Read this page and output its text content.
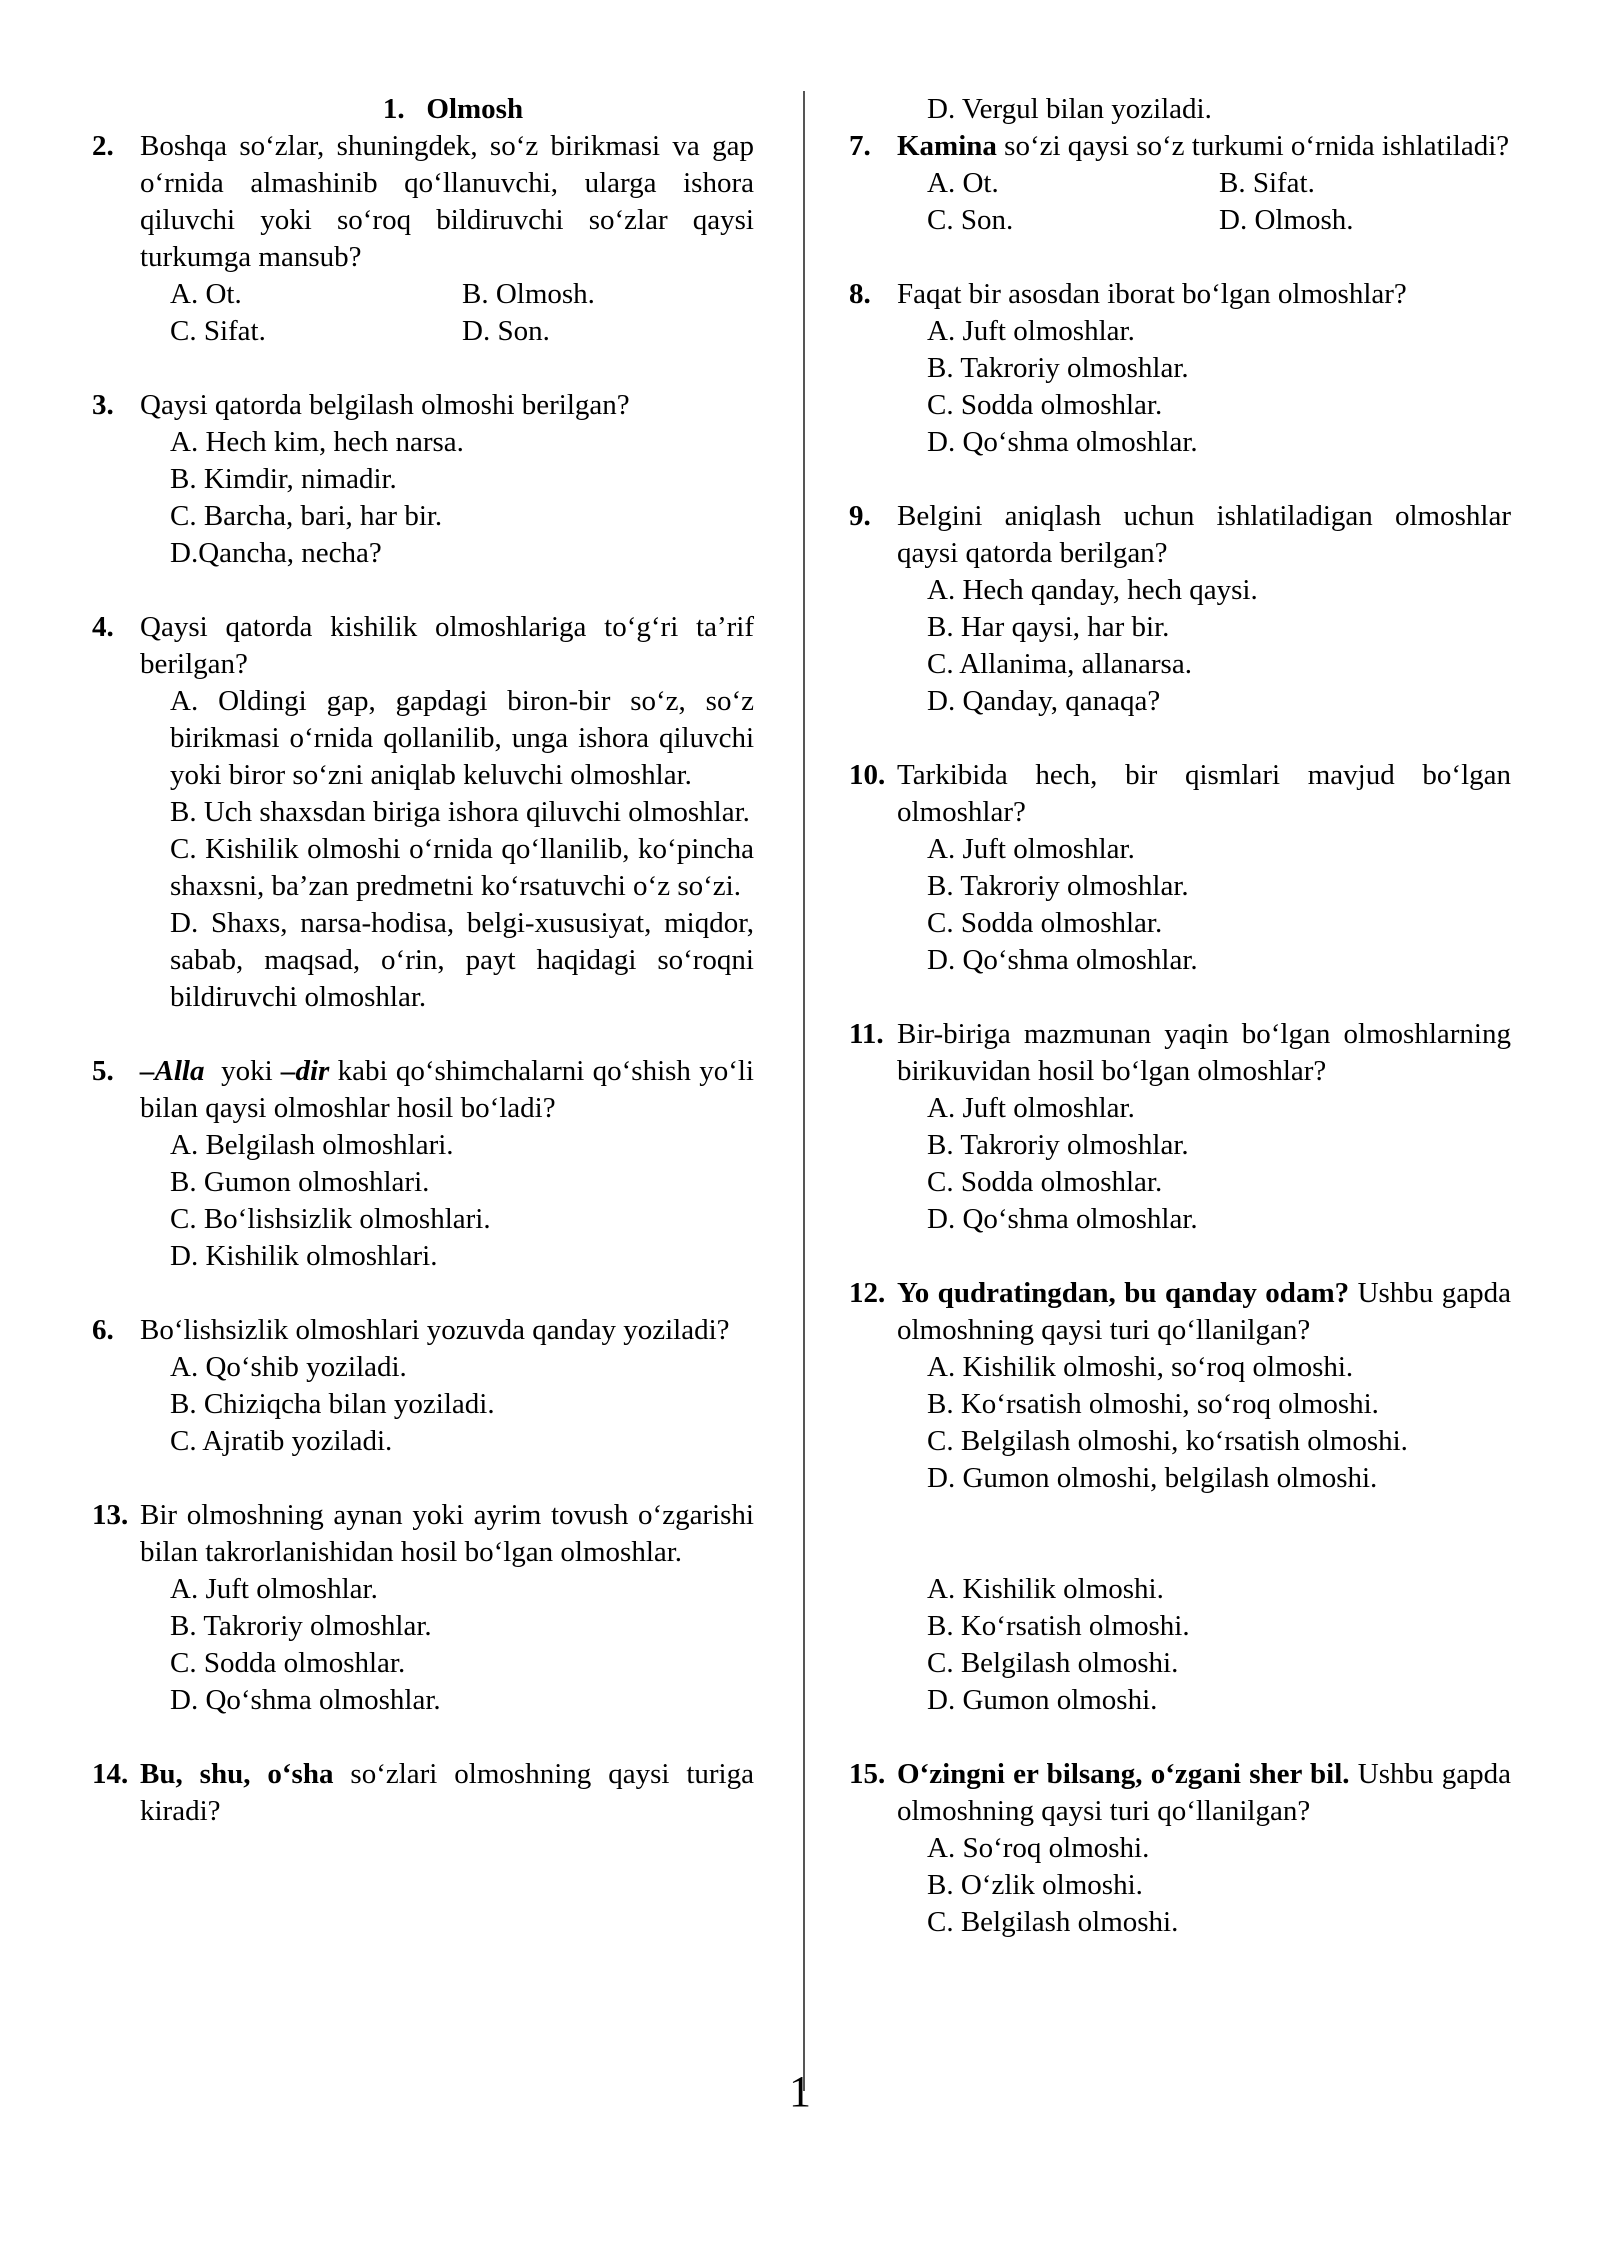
1. Olmosh
2. Boshqa so‘zlar, shuningdek, so‘z birikmasi va gap o‘rnida almashinib qo‘llanuvchi, ularga ishora qiluvchi yoki so‘roq bildiruvchi so‘zlar qaysi turkumga mansub?
A. Ot.	B. Olmosh.
C. Sifat.	D. Son.
3. Qaysi qatorda belgilash olmoshi berilgan?
A. Hech kim, hech narsa.
B. Kimdir, nimadir.
C. Barcha, bari, har bir.
D.Qancha, necha?
4. Qaysi qatorda kishilik olmoshlariga to‘g‘ri ta’rif berilgan?
A. Oldingi gap, gapdagi biron-bir so‘z, so‘z birikmasi o‘rnida qollanilib, unga ishora qiluvchi yoki biror so‘zni aniqlab keluvchi olmoshlar.
B. Uch shaxsdan biriga ishora qiluvchi olmoshlar.
C. Kishilik olmoshi o‘rnida qo‘llanilib, ko‘pincha shaxsni, ba’zan predmetni ko‘rsatuvchi o‘z so‘zi.
D. Shaxs, narsa-hodisa, belgi-xususiyat, miqdor, sabab, maqsad, o‘rin, payt haqidagi so‘roqni bildiruvchi olmoshlar.
5. –Alla yoki –dir kabi qo‘shimchalarni qo‘shish yo‘li bilan qaysi olmoshlar hosil bo‘ladi?
A. Belgilash olmoshlari.
B. Gumon olmoshlari.
C. Bo‘lishsizlik olmoshlari.
D. Kishilik olmoshlari.
6. Bo‘lishsizlik olmoshlari yozuvda qanday yoziladi?
A. Qo‘shib yoziladi.
B. Chiziqcha bilan yoziladi.
C. Ajratib yoziladi.
13. Bir olmoshning aynan yoki ayrim tovush o‘zgarishi bilan takrorlanishidan hosil bo‘lgan olmoshlar.
A. Juft olmoshlar.
B. Takroriy olmoshlar.
C. Sodda olmoshlar.
D. Qo‘shma olmoshlar.
14. Bu, shu, o‘sha so‘zlari olmoshning qaysi turiga kiradi?
D. Vergul bilan yoziladi.
7. Kamina so‘zi qaysi so‘z turkumi o‘rnida ishlatiladi?
A. Ot.	B. Sifat.
C. Son.	D. Olmosh.
8. Faqat bir asosdan iborat bo‘lgan olmoshlar?
A. Juft olmoshlar.
B. Takroriy olmoshlar.
C. Sodda olmoshlar.
D. Qo‘shma olmoshlar.
9. Belgini aniqlash uchun ishlatiladigan olmoshlar qaysi qatorda berilgan?
A. Hech qanday, hech qaysi.
B. Har qaysi, har bir.
C. Allanima, allanarsa.
D. Qanday, qanaqa?
10. Tarkibida hech, bir qismlari mavjud bo‘lgan olmoshlar?
A. Juft olmoshlar.
B. Takroriy olmoshlar.
C. Sodda olmoshlar.
D. Qo‘shma olmoshlar.
11. Bir-biriga mazmunan yaqin bo‘lgan olmoshlarning birikuvidan hosil bo‘lgan olmoshlar?
A. Juft olmoshlar.
B. Takroriy olmoshlar.
C. Sodda olmoshlar.
D. Qo‘shma olmoshlar.
12. Yo qudratingdan, bu qanday odam? Ushbu gapda olmoshning qaysi turi qo‘llanilgan?
A. Kishilik olmoshi, so‘roq olmoshi.
B. Ko‘rsatish olmoshi, so‘roq olmoshi.
C. Belgilash olmoshi, ko‘rsatish olmoshi.
D. Gumon olmoshi, belgilash olmoshi.
A. Kishilik olmoshi.
B. Ko‘rsatish olmoshi.
C. Belgilash olmoshi.
D. Gumon olmoshi.
15. O‘zingni er bilsang, o‘zgani sher bil. Ushbu gapda olmoshning qaysi turi qo‘llanilgan?
A. So‘roq olmoshi.
B. O‘zlik olmoshi.
C. Belgilash olmoshi.
1
